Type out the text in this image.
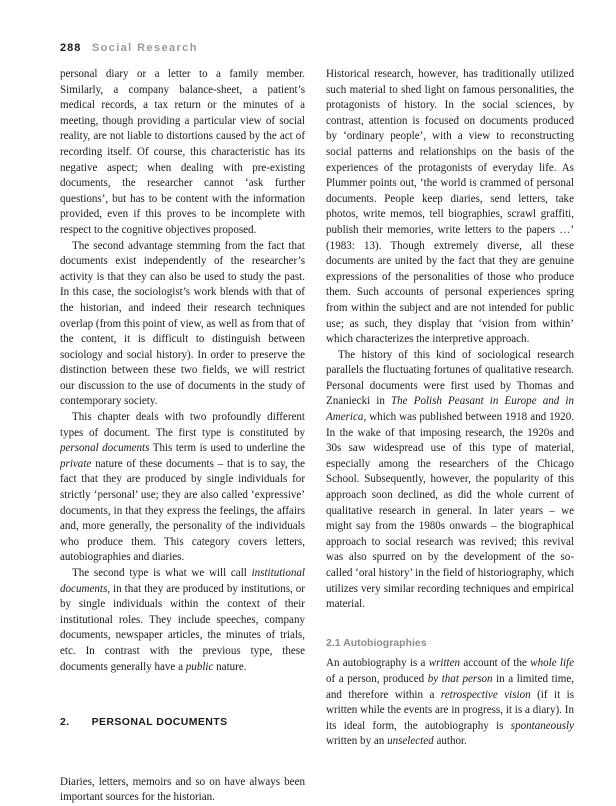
288 Social Research

personal diary or a letter to a family member. Similarly, a company balance-sheet, a patient’s medical records, a tax return or the minutes of a meeting, though providing a particular view of social reality, are not liable to distortions caused by the act of recording itself. Of course, this characteristic has its negative aspect; when dealing with pre-existing documents, the researcher cannot ‘ask further questions’, but has to be content with the information provided, even if this proves to be incomplete with respect to the cognitive objectives proposed.

The second advantage stemming from the fact that documents exist independently of the researcher’s activity is that they can also be used to study the past. In this case, the sociologist’s work blends with that of the historian, and indeed their research techniques overlap (from this point of view, as well as from that of the content, it is difficult to distinguish between sociology and social history). In order to preserve the distinction between these two fields, we will restrict our discussion to the use of documents in the study of contemporary society.

This chapter deals with two profoundly different types of document. The first type is constituted by personal documents This term is used to underline the private nature of these documents – that is to say, the fact that they are produced by single individuals for strictly ‘personal’ use; they are also called ‘expressive’ documents, in that they express the feelings, the affairs and, more generally, the personality of the individuals who produce them. This category covers letters, autobiographies and diaries.

The second type is what we will call institutional documents, in that they are produced by institutions, or by single individuals within the context of their institutional roles. They include speeches, company documents, newspaper articles, the minutes of trials, etc. In contrast with the previous type, these documents generally have a public nature.

2. PERSONAL DOCUMENTS

Diaries, letters, memoirs and so on have always been important sources for the historian.

Historical research, however, has traditionally utilized such material to shed light on famous personalities, the protagonists of history. In the social sciences, by contrast, attention is focused on documents produced by ‘ordinary people’, with a view to reconstructing social patterns and relationships on the basis of the experiences of the protagonists of everyday life. As Plummer points out, ‘the world is crammed of personal documents. People keep diaries, send letters, take photos, write memos, tell biographies, scrawl graffiti, publish their memories, write letters to the papers …’ (1983: 13). Though extremely diverse, all these documents are united by the fact that they are genuine expressions of the personalities of those who produce them. Such accounts of personal experiences spring from within the subject and are not intended for public use; as such, they display that ‘vision from within’ which characterizes the interpretive approach.

The history of this kind of sociological research parallels the fluctuating fortunes of qualitative research. Personal documents were first used by Thomas and Znaniecki in The Polish Peasant in Europe and in America, which was published between 1918 and 1920. In the wake of that imposing research, the 1920s and 30s saw widespread use of this type of material, especially among the researchers of the Chicago School. Subsequently, however, the popularity of this approach soon declined, as did the whole current of qualitative research in general. In later years – we might say from the 1980s onwards – the biographical approach to social research was revived; this revival was also spurred on by the development of the so-called ‘oral history’ in the field of historiography, which utilizes very similar recording techniques and empirical material.

2.1 Autobiographies

An autobiography is a written account of the whole life of a person, produced by that person in a limited time, and therefore within a retrospective vision (if it is written while the events are in progress, it is a diary). In its ideal form, the autobiography is spontaneously written by an unselected author.
